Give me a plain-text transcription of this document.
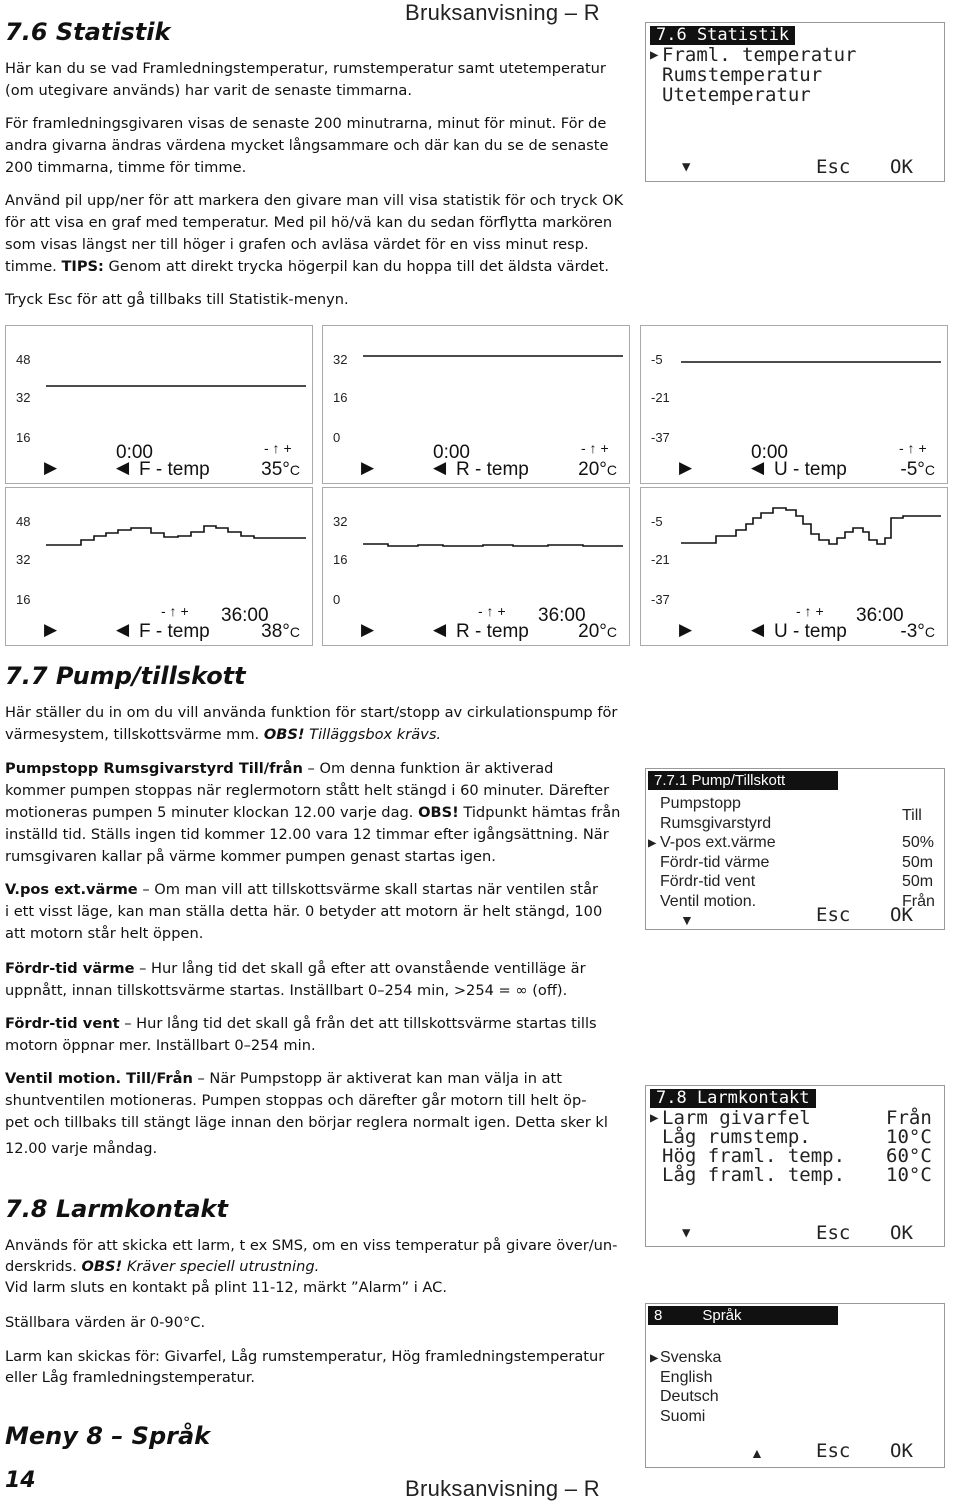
Bruksanvisning – R
7.6 Statistik
Här kan du se vad Framledningstemperatur, rumstemperatur samt utetemperatur
(om utegivare används) har varit de senaste timmarna.
För framledningsgivaren visas de senaste 200 minutrarna, minut för minut. För de
andra givarna ändras värdena mycket långsammare och där kan du se de senaste
200 timmarna, timme för timme.
Använd pil upp/ner för att markera den givare man vill visa statistik för och tryck OK
för att visa en graf med temperatur. Med pil hö/vä kan du sedan förflytta markören
som visas längst ner till höger i grafen och avläsa värdet för en viss minut resp.
timme. TIPS: Genom att direkt trycka högerpil kan du hoppa till det äldsta värdet.
Tryck Esc för att gå tillbaks till Statistik-menyn.
7.6 Statistik
▶ Framl. temperatur
Rumstemperatur
Utetemperatur
▼	Esc OK
48
32
16
▶	◀
0:00	- ↑ +
F - temp	35°C
32
16
0
▶	◀
0:00	- ↑ +
R - temp	20°C
-5
-21
-37
▶	◀
0:00	- ↑ +
U - temp	-5°C
48
32
16
▶	◀
36:00
- ↑ +
F - temp	38°C
32
16
0
▶	◀
36:00
- ↑ +
R - temp	20°C
-5
-21
-37
▶	◀
36:00
- ↑ +
U - temp	-3°C
7.7 Pump/tillskott
Här ställer du in om du vill använda funktion för start/stopp av cirkulationspump för
värmesystem, tillskottsvärme mm. OBS! Tilläggsbox krävs.
Pumpstopp Rumsgivarstyrd Till/från – Om denna funktion är aktiverad
kommer pumpen stoppas när reglermotorn stått helt stängd i 60 minuter. Därefter
motioneras pumpen 5 minuter klockan 12.00 varje dag. OBS! Tidpunkt hämtas från
inställd tid. Ställs ingen tid kommer 12.00 vara 12 timmar efter igångsättning. När
rumsgivaren kallar på värme kommer pumpen genast startas igen.
V.pos ext.värme – Om man vill att tillskottsvärme skall startas när ventilen står
i ett visst läge, kan man ställa detta här. 0 betyder att motorn är helt stängd, 100
att motorn står helt öppen.
Fördr-tid värme – Hur lång tid det skall gå efter att ovanstående ventilläge är
uppnått, innan tillskottsvärme startas. Inställbart 0–254 min, >254 = ∞ (off).
Fördr-tid vent – Hur lång tid det skall gå från det att tillskottsvärme startas tills
motorn öppnar mer. Inställbart 0–254 min.
Ventil motion. Till/Från – När Pumpstopp är aktiverat kan man välja in att
shuntventilen motioneras. Pumpen stoppas och därefter går motorn till helt öp-
pet och tillbaks till stängt läge innan den börjar reglera normalt igen. Detta sker kl
12.00 varje måndag.
7.7.1 Pump/Tillskott
Pumpstopp
Rumsgivarstyrd	Till
V-pos ext.värme	50%
Fördr-tid värme	50m
Fördr-tid vent	50m
Ventil motion.	Från
▶
▼	Esc OK
7.8 Larmkontakt
Används för att skicka ett larm, t ex SMS, om en viss temperatur på givare över/un-
derskrids. OBS! Kräver speciell utrustning.
Vid larm sluts en kontakt på plint 11-12, märkt ”Alarm” i AC.
Ställbara värden är 0-90°C.
Larm kan skickas för: Givarfel, Låg rumstemperatur, Hög framledningstemperatur
eller Låg framledningstemperatur.
7.8 Larmkontakt
▶ Larm givarfel	Från
Låg rumstemp.	10°C
Hög framl. temp. 60°C
Låg framl. temp. 10°C
▼	Esc OK
Meny 8 – Språk
14	Bruksanvisning – R
8	Språk
▶ Svenska
English
Deutsch
Suomi
▲	Esc OK
